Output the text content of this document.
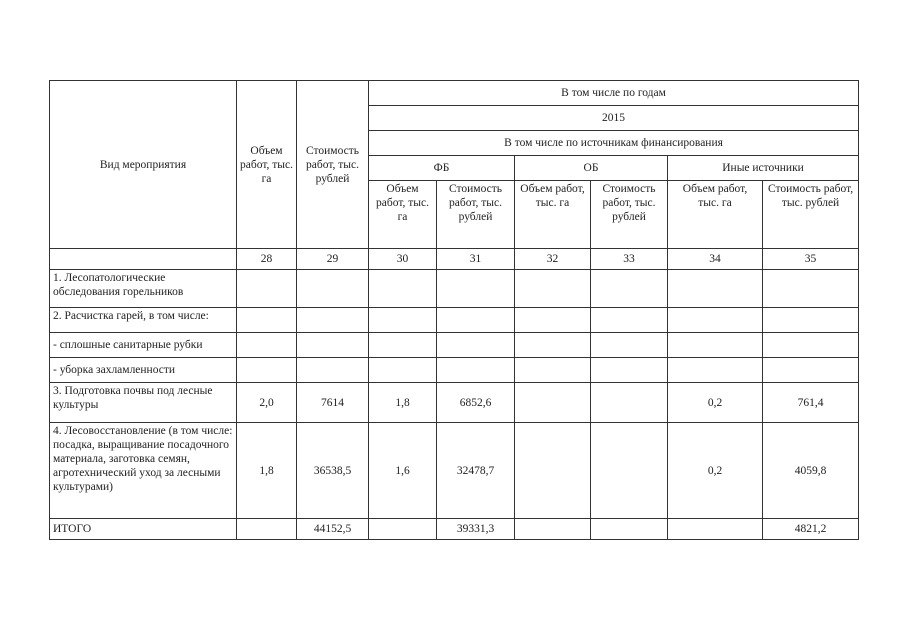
Вид мероприятия	Объем работ, тыс. га	Стоимость работ, тыс. рублей	В том числе по годам					
			2015					
			В том числе по источникам финансирования					
			ФБ		ОБ		Иные источники	
			Объем работ, тыс. га	Стоимость работ, тыс. рублей	Объем работ, тыс. га	Стоимость работ, тыс. рублей	Объем работ, тыс. га	Стоимость работ, тыс. рублей
	28	29	30	31	32	33	34	35
1. Лесопатологические обследования горельников								
2. Расчистка гарей, в том числе:								
- сплошные санитарные рубки								
- уборка захламленности								
3. Подготовка почвы под лесные культуры	2,0	7614	1,8	6852,6			0,2	761,4
4. Лесовосстановление (в том числе: посадка, выращивание посадочного материала, заготовка семян, агротехнический уход за лесными культурами)	1,8	36538,5	1,6	32478,7			0,2	4059,8
ИТОГО		44152,5		39331,3				4821,2
